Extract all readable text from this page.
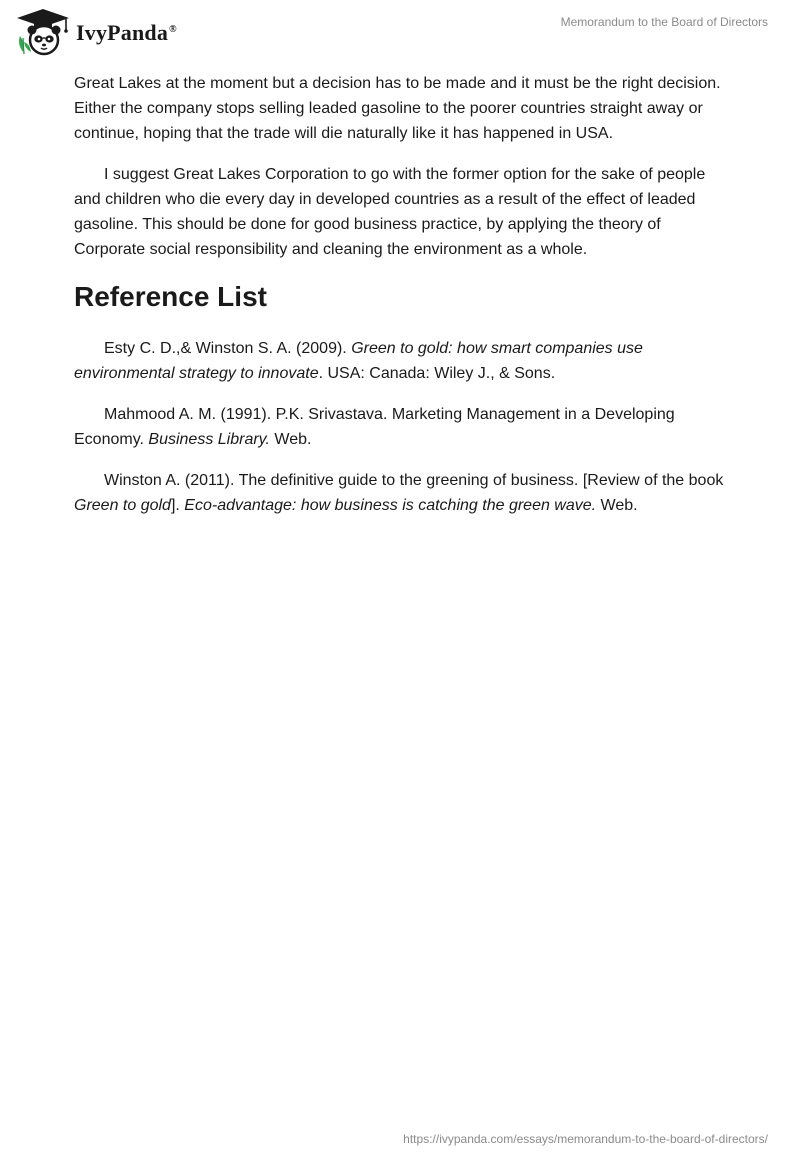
IvyPanda®
Memorandum to the Board of Directors

Great Lakes at the moment but a decision has to be made and it must be the right decision. Either the company stops selling leaded gasoline to the poorer countries straight away or continue, hoping that the trade will die naturally like it has happened in USA.

I suggest Great Lakes Corporation to go with the former option for the sake of people and children who die every day in developed countries as a result of the effect of leaded gasoline. This should be done for good business practice, by applying the theory of Corporate social responsibility and cleaning the environment as a whole.

Reference List

Esty C. D.,& Winston S. A. (2009). Green to gold: how smart companies use environmental strategy to innovate. USA: Canada: Wiley J., & Sons.

Mahmood A. M. (1991). P.K. Srivastava. Marketing Management in a Developing Economy. Business Library. Web.

Winston A. (2011). The definitive guide to the greening of business. [Review of the book Green to gold]. Eco-advantage: how business is catching the green wave. Web.

https://ivypanda.com/essays/memorandum-to-the-board-of-directors/
